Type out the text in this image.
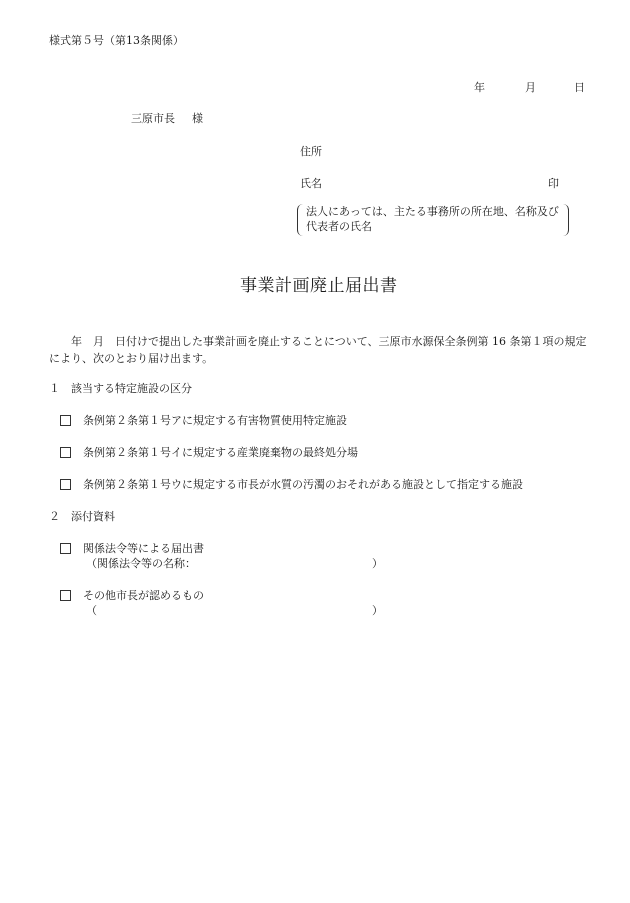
様式第５号（第13条関係）
年	月	日
三原市長 様
住所
氏名	印
法人にあっては、主たる事務所の所在地、名称及び代表者の氏名
事業計画廃止届出書
年　月　日付けで提出した事業計画を廃止することについて、三原市水源保全条例第 16 条第１項の規定により、次のとおり届け出ます。
１　該当する特定施設の区分
条例第２条第１号アに規定する有害物質使用特定施設
条例第２条第１号イに規定する産業廃棄物の最終処分場
条例第２条第１号ウに規定する市長が水質の汚濁のおそれがある施設として指定する施設
２　添付資料
関係法令等による届出書
（関係法令等の名称：	）
その他市長が認めるもの
（	）
